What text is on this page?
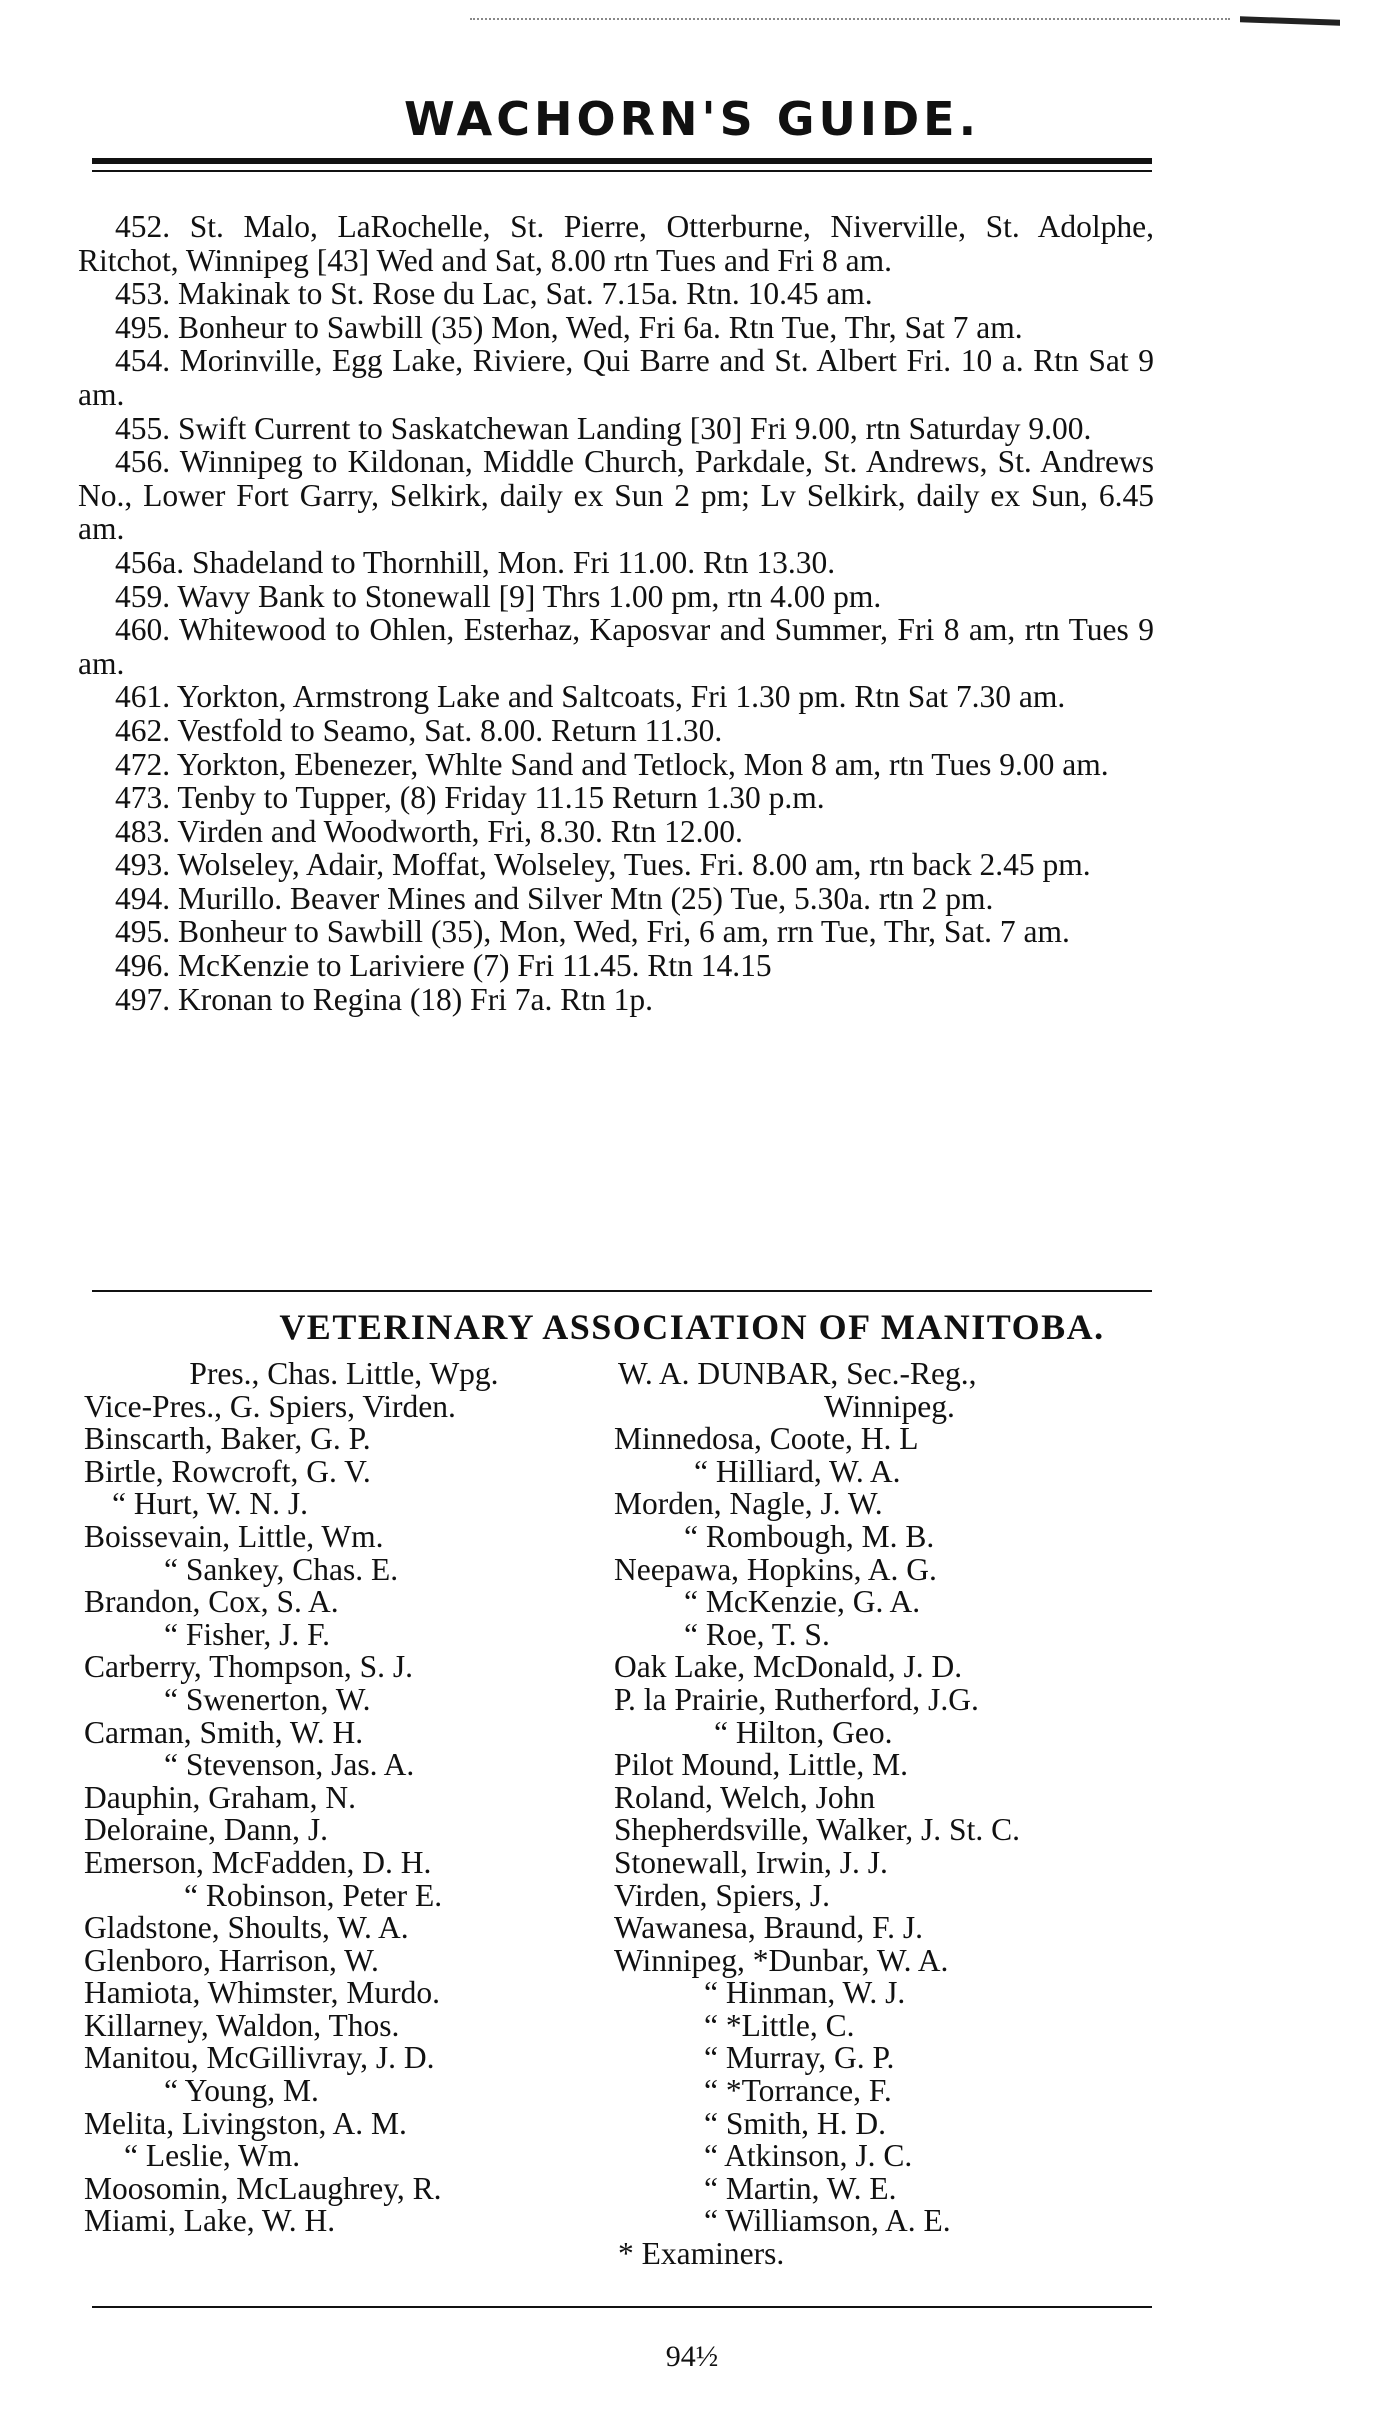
WACHORN'S GUIDE.

452. St. Malo, LaRochelle, St. Pierre, Otterburne, Niverville, St. Adolphe, Ritchot, Winnipeg [43] Wed and Sat, 8.00 rtn Tues and Fri 8 am.

453. Makinak to St. Rose du Lac, Sat. 7.15a. Rtn. 10.45 am.

495. Bonheur to Sawbill (35) Mon, Wed, Fri 6a. Rtn Tue, Thr, Sat 7 am.

454. Morinville, Egg Lake, Riviere, Qui Barre and St. Albert Fri. 10 a. Rtn Sat 9 am.

455. Swift Current to Saskatchewan Landing [30] Fri 9.00, rtn Saturday 9.00.

456. Winnipeg to Kildonan, Middle Church, Parkdale, St. Andrews, St. Andrews No., Lower Fort Garry, Selkirk, daily ex Sun 2 pm; Lv Selkirk, daily ex Sun, 6.45 am.

456a. Shadeland to Thornhill, Mon. Fri 11.00. Rtn 13.30.

459. Wavy Bank to Stonewall [9] Thrs 1.00 pm, rtn 4.00 pm.

460. Whitewood to Ohlen, Esterhaz, Kaposvar and Summer, Fri 8 am, rtn Tues 9 am.

461. Yorkton, Armstrong Lake and Saltcoats, Fri 1.30 pm. Rtn Sat 7.30 am.

462. Vestfold to Seamo, Sat. 8.00. Return 11.30.

472. Yorkton, Ebenezer, Whlte Sand and Tetlock, Mon 8 am, rtn Tues 9.00 am.

473. Tenby to Tupper, (8) Friday 11.15 Return 1.30 p.m.

483. Virden and Woodworth, Fri, 8.30. Rtn 12.00.

493. Wolseley, Adair, Moffat, Wolseley, Tues. Fri. 8.00 am, rtn back 2.45 pm.

494. Murillo. Beaver Mines and Silver Mtn (25) Tue, 5.30a. rtn 2 pm.

495. Bonheur to Sawbill (35), Mon, Wed, Fri, 6 am, rrn Tue, Thr, Sat. 7 am.

496. McKenzie to Lariviere (7) Fri 11.45. Rtn 14.15

497. Kronan to Regina (18) Fri 7a. Rtn 1p.

VETERINARY ASSOCIATION OF MANITOBA.
Pres., Chas. Little, Wpg.
Vice-Pres., G. Spiers, Virden.
Binscarth, Baker, G. P.
Birtle, Rowcroft, G. V.
“ Hurt, W. N. J.
Boissevain, Little, Wm.
“ Sankey, Chas. E.
Brandon, Cox, S. A.
“ Fisher, J. F.
Carberry, Thompson, S. J.
“ Swenerton, W.
Carman, Smith, W. H.
“ Stevenson, Jas. A.
Dauphin, Graham, N.
Deloraine, Dann, J.
Emerson, McFadden, D. H.
“ Robinson, Peter E.
Gladstone, Shoults, W. A.
Glenboro, Harrison, W.
Hamiota, Whimster, Murdo.
Killarney, Waldon, Thos.
Manitou, McGillivray, J. D.
“ Young, M.
Melita, Livingston, A. M.
“ Leslie, Wm.
Moosomin, McLaughrey, R.
Miami, Lake, W. H.
W. A. DUNBAR, Sec.-Reg.,
Winnipeg.
Minnedosa, Coote, H. L
“ Hilliard, W. A.
Morden, Nagle, J. W.
“ Rombough, M. B.
Neepawa, Hopkins, A. G.
“ McKenzie, G. A.
“ Roe, T. S.
Oak Lake, McDonald, J. D.
P. la Prairie, Rutherford, J.G.
“ Hilton, Geo.
Pilot Mound, Little, M.
Roland, Welch, John
Shepherdsville, Walker, J. St. C.
Stonewall, Irwin, J. J.
Virden, Spiers, J.
Wawanesa, Braund, F. J.
Winnipeg, *Dunbar, W. A.
“ Hinman, W. J.
“ *Little, C.
“ Murray, G. P.
“ *Torrance, F.
“ Smith, H. D.
“ Atkinson, J. C.
“ Martin, W. E.
“ Williamson, A. E.
* Examiners.
94½
